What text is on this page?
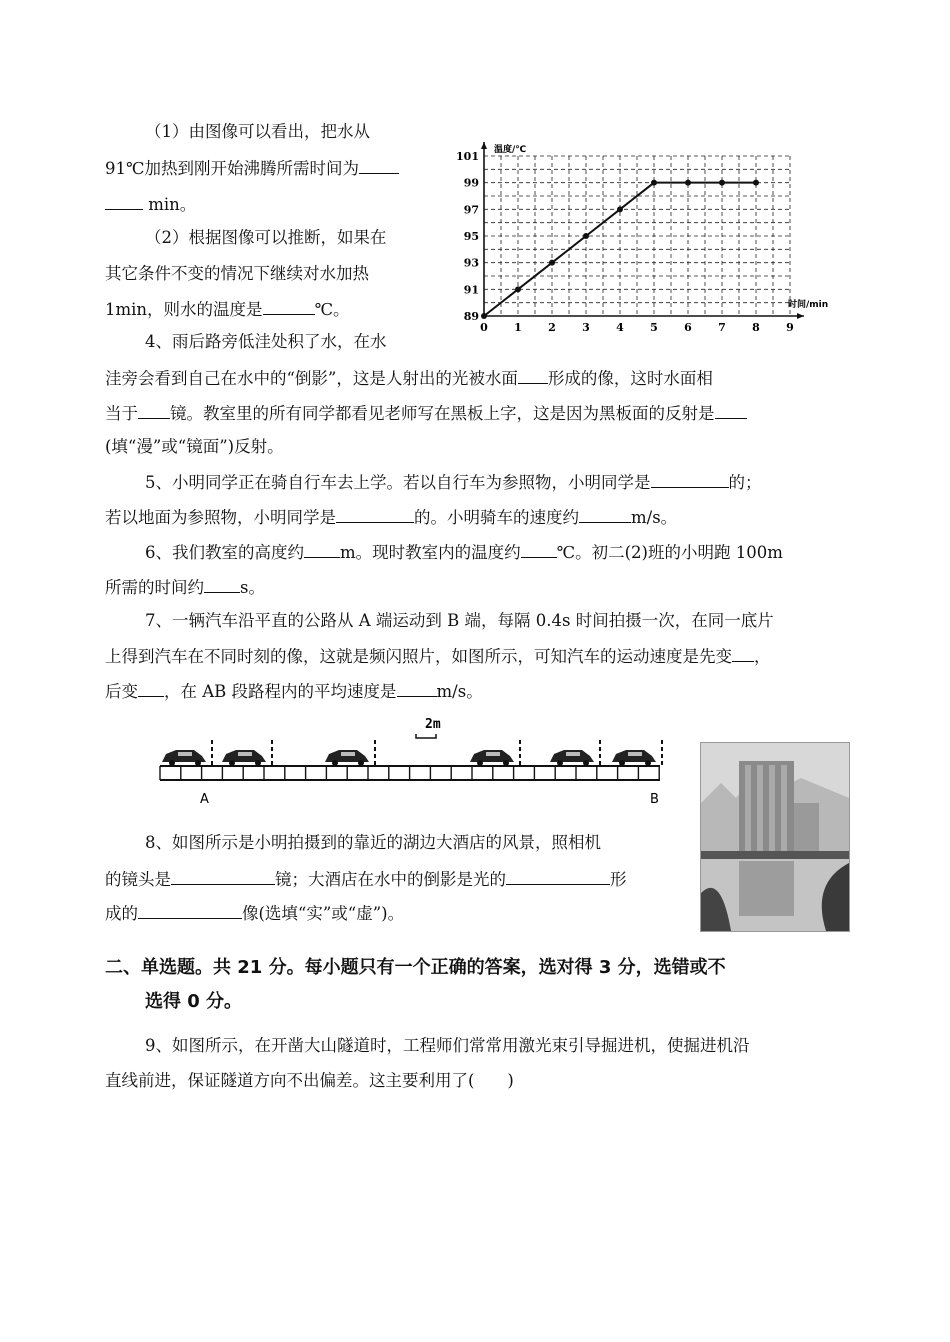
（1）由图像可以看出，把水从
91℃加热到刚开始沸腾所需时间为
min。
（2）根据图像可以推断，如果在
其它条件不变的情况下继续对水加热
1min，则水的温度是	℃。
温度/℃
时间/min
89
91
93
95
97
99
101
0 1 2 3 4 5 6 7 8 9
4、雨后路旁低洼处积了水，在水
洼旁会看到自己在水中的“倒影”，这是人射出的光被水面 形成的像，这时水面相
当于 镜。教室里的所有同学都看见老师写在黑板上字，这是因为黑板面的反射是
(填“漫”或“镜面”)反射。
5、小明同学正在骑自行车去上学。若以自行车为参照物，小明同学是	的；
若以地面为参照物，小明同学是	的。小明骑车的速度约	m/s。
6、我们教室的高度约 m。现时教室内的温度约 ℃。初二(2)班的小明跑 100m
所需的时间约 s。
7、一辆汽车沿平直的公路从 A 端运动到 B 端，每隔 0.4s 时间拍摄一次，在同一底片
上得到汽车在不同时刻的像，这就是频闪照片，如图所示，可知汽车的运动速度是先变 ，
后变 ，在 AB 段路程内的平均速度是 m/s。
2m
A	B
8、如图所示是小明拍摄到的靠近的湖边大酒店的风景，照相机
的镜头是	镜；大酒店在水中的倒影是光的	形
成的	像(选填“实”或“虚”)。
二、单选题。共 21 分。每小题只有一个正确的答案，选对得 3 分，选错或不
选得 0 分。
9、如图所示，在开凿大山隧道时，工程师们常常用激光束引导掘进机，使掘进机沿
直线前进，保证隧道方向不出偏差。这主要利用了(　　)
